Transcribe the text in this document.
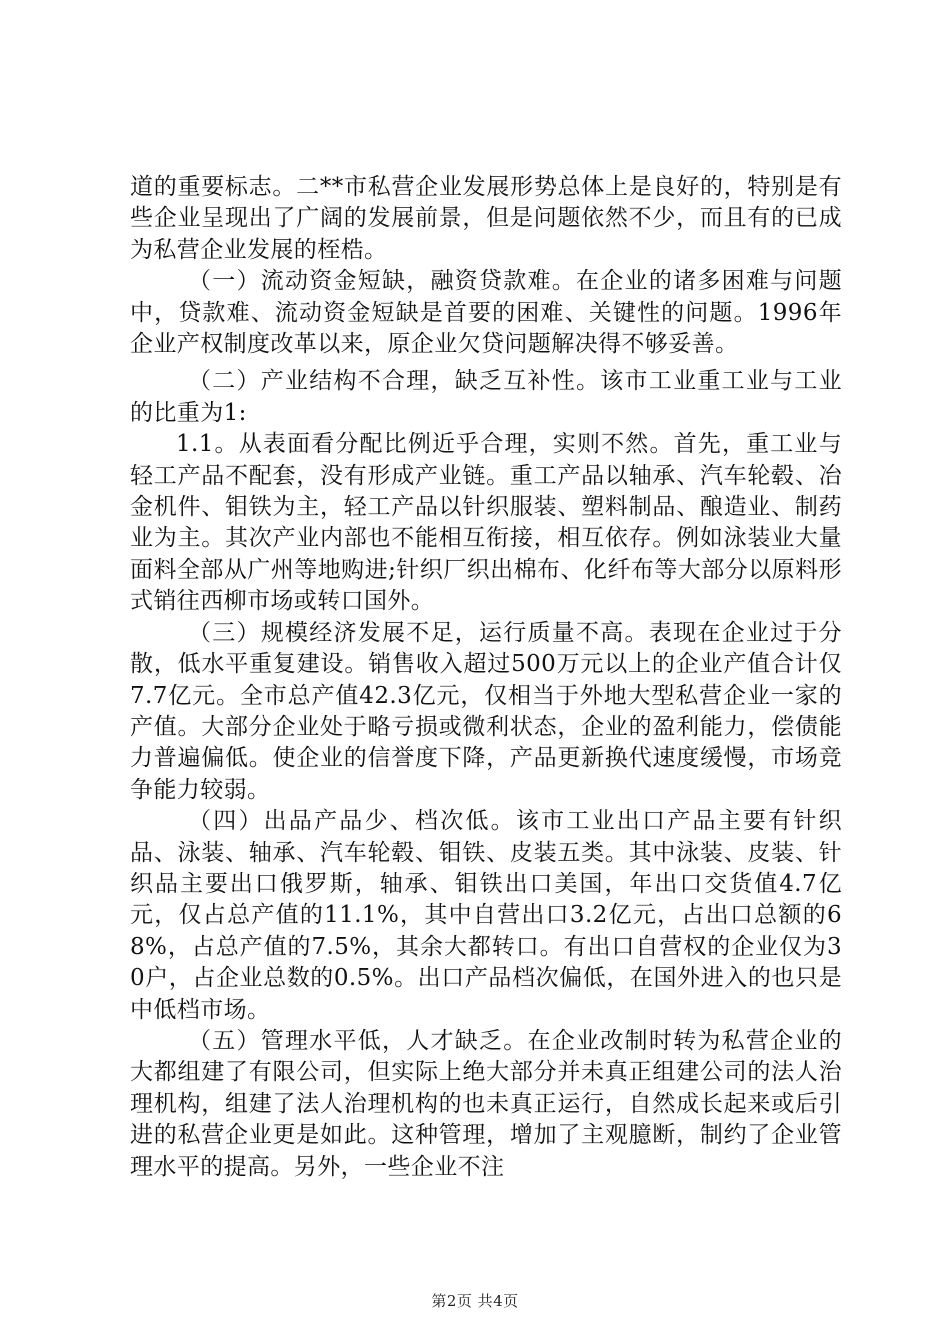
道的重要标志。二**市私营企业发展形势总体上是良好的，特别是有些企业呈现出了广阔的发展前景，但是问题依然不少，而且有的已成为私营企业发展的桎梏。

（一）流动资金短缺，融资贷款难。在企业的诸多困难与问题中，贷款难、流动资金短缺是首要的困难、关键性的问题。1996年企业产权制度改革以来，原企业欠贷问题解决得不够妥善。

（二）产业结构不合理，缺乏互补性。该市工业重工业与工业的比重为1:

1.1。从表面看分配比例近乎合理，实则不然。首先，重工业与轻工产品不配套，没有形成产业链。重工产品以轴承、汽车轮毂、冶金机件、钼铁为主，轻工产品以针织服装、塑料制品、酿造业、制药业为主。其次产业内部也不能相互衔接，相互依存。例如泳装业大量面料全部从广州等地购进;针织厂织出棉布、化纤布等大部分以原料形式销往西柳市场或转口国外。

（三）规模经济发展不足，运行质量不高。表现在企业过于分散，低水平重复建设。销售收入超过500万元以上的企业产值合计仅7.7亿元。全市总产值42.3亿元，仅相当于外地大型私营企业一家的产值。大部分企业处于略亏损或微利状态，企业的盈利能力，偿债能力普遍偏低。使企业的信誉度下降，产品更新换代速度缓慢，市场竞争能力较弱。

（四）出品产品少、档次低。该市工业出口产品主要有针织品、泳装、轴承、汽车轮毂、钼铁、皮装五类。其中泳装、皮装、针织品主要出口俄罗斯，轴承、钼铁出口美国，年出口交货值4.7亿元，仅占总产值的11.1%，其中自营出口3.2亿元，占出口总额的68%，占总产值的7.5%，其余大都转口。有出口自营权的企业仅为30户，占企业总数的0.5%。出口产品档次偏低，在国外进入的也只是中低档市场。

（五）管理水平低，人才缺乏。在企业改制时转为私营企业的大都组建了有限公司，但实际上绝大部分并未真正组建公司的法人治理机构，组建了法人治理机构的也未真正运行，自然成长起来或后引进的私营企业更是如此。这种管理，增加了主观臆断，制约了企业管理水平的提高。另外，一些企业不注

第2页 共4页
